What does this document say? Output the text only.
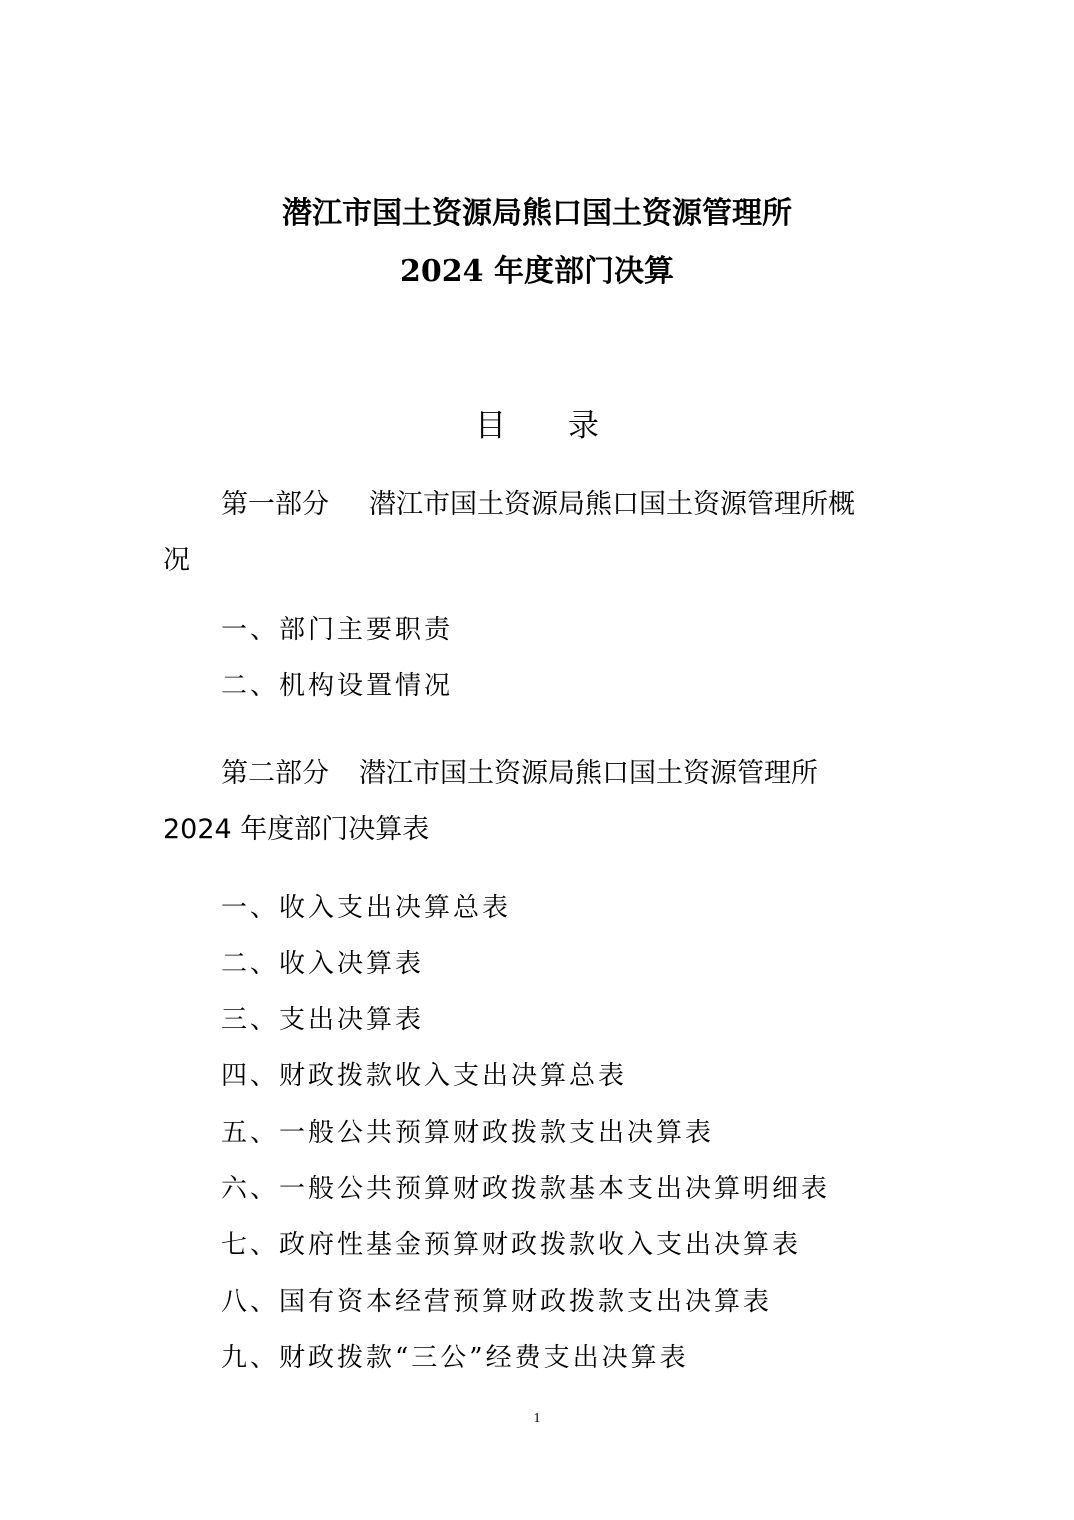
潜江市国土资源局熊口国土资源管理所
2024 年度部门决算
目 录
第一部分 潜江市国土资源局熊口国土资源管理所概
况
一、部门主要职责
二、机构设置情况
第二部分 潜江市国土资源局熊口国土资源管理所
2024 年度部门决算表
一、收入支出决算总表
二、收入决算表
三、支出决算表
四、财政拨款收入支出决算总表
五、一般公共预算财政拨款支出决算表
六、一般公共预算财政拨款基本支出决算明细表
七、政府性基金预算财政拨款收入支出决算表
八、国有资本经营预算财政拨款支出决算表
九、财政拨款“三公”经费支出决算表
1
